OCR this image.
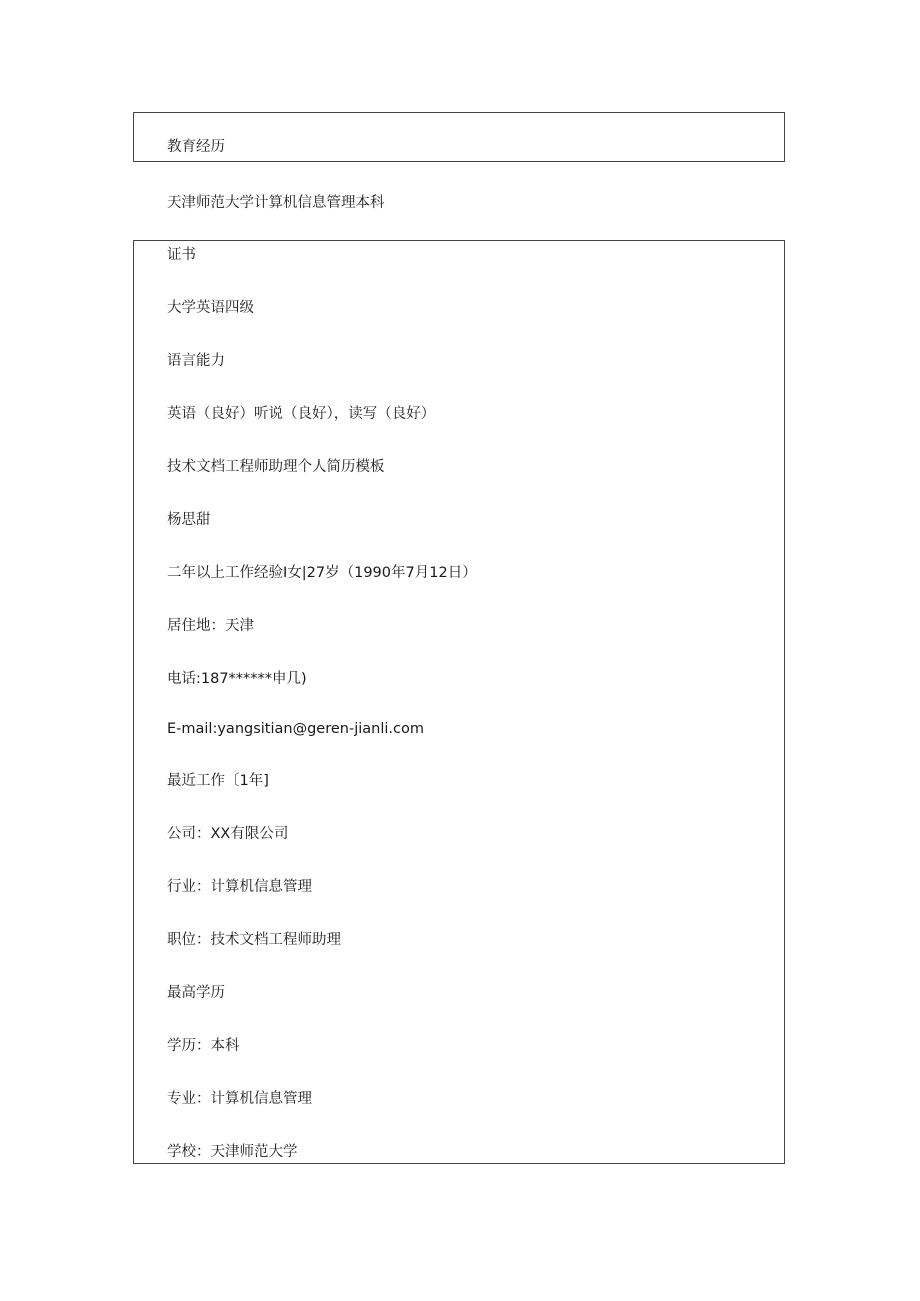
教育经历
天津师范大学计算机信息管理本科
证书
大学英语四级
语言能力
英语（良好）听说（良好），读写（良好）
技术文档工程师助理个人简历模板
杨思甜
二年以上工作经验I女|27岁（1990年7月12日）
居住地：天津
电话:187******申几)
E-mail:yangsitian@geren-jianli.com
最近工作〔1年]
公司：XX有限公司
行业：计算机信息管理
职位：技术文档工程师助理
最高学历
学历：本科
专业：计算机信息管理
学校：天津师范大学
